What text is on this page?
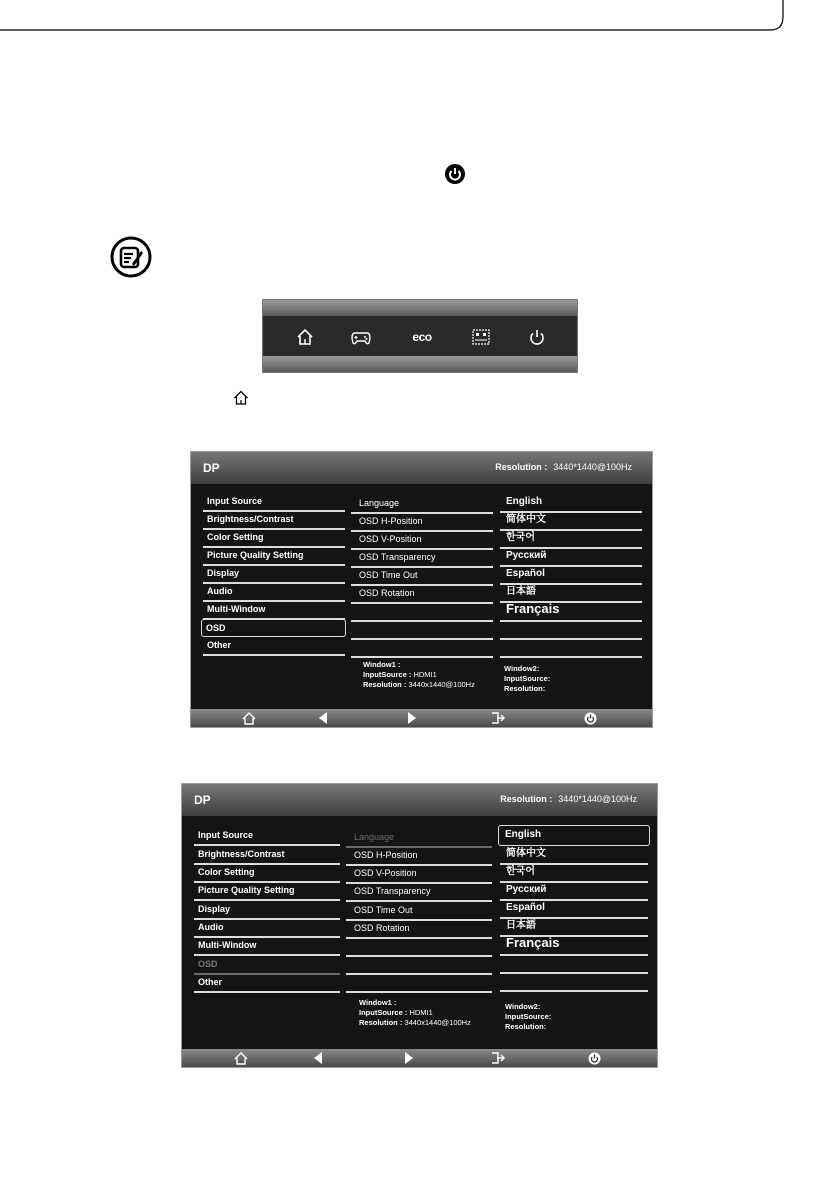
eco
DP	Resolution : 3440*1440@100Hz
Input Source
Brightness/Contrast
Color Setting
Picture Quality Setting
Display
Audio
Multi-Window
OSD
Other
Language
OSD H-Position
OSD V-Position
OSD Transparency
OSD Time Out
OSD Rotation
English
简体中文
한국어
Русский
Español
日本語
Français
Window1 :
InputSource : HDMI1
Resolution : 3440x1440@100Hz
Window2:
InputSource:
Resolution:
DP	Resolution : 3440*1440@100Hz
Input Source
Brightness/Contrast
Color Setting
Picture Quality Setting
Display
Audio
Multi-Window
OSD
Other
Language
OSD H-Position
OSD V-Position
OSD Transparency
OSD Time Out
OSD Rotation
English
简体中文
한국어
Русский
Español
日本語
Français
Window1 :
InputSource : HDMI1
Resolution : 3440x1440@100Hz
Window2:
InputSource:
Resolution:
